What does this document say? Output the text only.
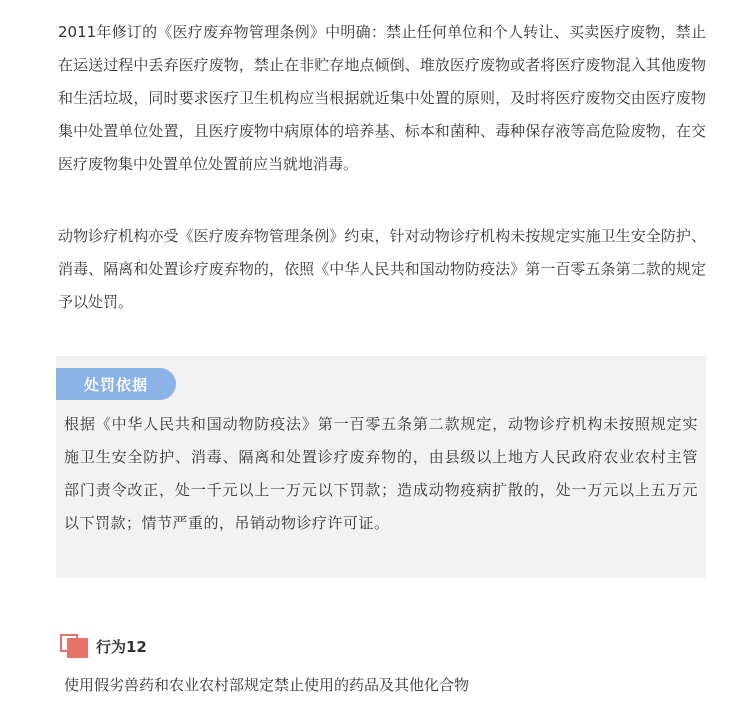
2011年修订的《医疗废弃物管理条例》中明确：禁止任何单位和个人转让、买卖医疗废物，禁止在运送过程中丢弃医疗废物，禁止在非贮存地点倾倒、堆放医疗废物或者将医疗废物混入其他废物和生活垃圾，同时要求医疗卫生机构应当根据就近集中处置的原则，及时将医疗废物交由医疗废物集中处置单位处置，且医疗废物中病原体的培养基、标本和菌种、毒种保存液等高危险废物，在交医疗废物集中处置单位处置前应当就地消毒。

动物诊疗机构亦受《医疗废弃物管理条例》约束，针对动物诊疗机构未按规定实施卫生安全防护、消毒、隔离和处置诊疗废弃物的，依照《中华人民共和国动物防疫法》第一百零五条第二款的规定予以处罚。

处罚依据

根据《中华人民共和国动物防疫法》第一百零五条第二款规定，动物诊疗机构未按照规定实施卫生安全防护、消毒、隔离和处置诊疗废弃物的，由县级以上地方人民政府农业农村主管部门责令改正，处一千元以上一万元以下罚款；造成动物疫病扩散的，处一万元以上五万元以下罚款；情节严重的，吊销动物诊疗许可证。

行为12
使用假劣兽药和农业农村部规定禁止使用的药品及其他化合物
